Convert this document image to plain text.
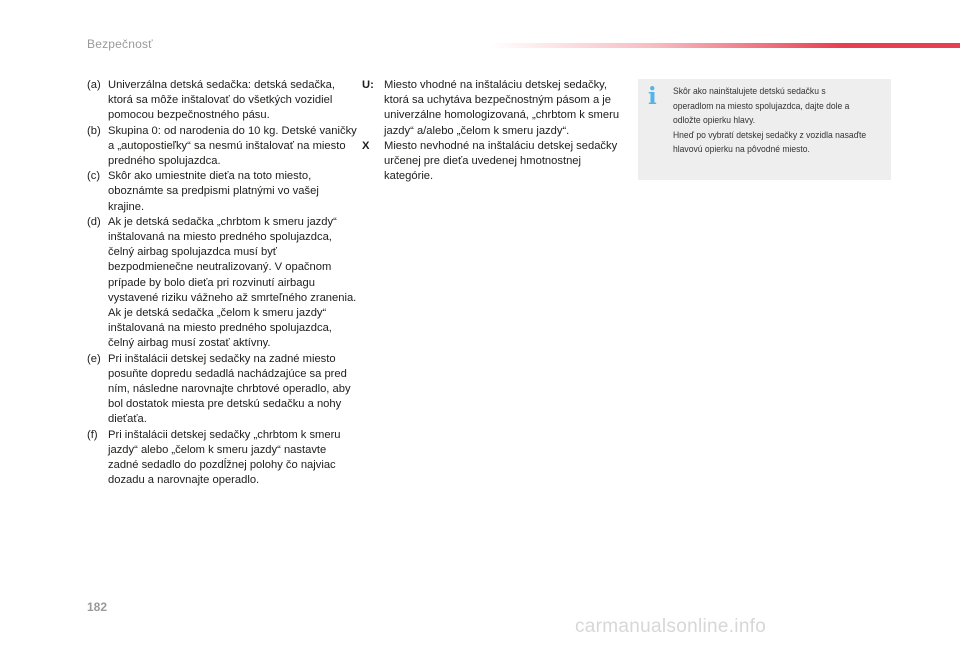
Bezpečnosť
(a) Univerzálna detská sedačka: detská sedačka, ktorá sa môže inštalovať do všetkých vozidiel pomocou bezpečnostného pásu.
(b) Skupina 0: od narodenia do 10 kg. Detské vaničky a „autopostieľky“ sa nesmú inštalovať na miesto predného spolujazdca.
(c) Skôr ako umiestnite dieťa na toto miesto, oboznámte sa predpismi platnými vo vašej krajine.
(d) Ak je detská sedačka „chrbtom k smeru jazdy“ inštalovaná na miesto predného spolujazdca, čelný airbag spolujazdca musí byť bezpodmienečne neutralizovaný. V opačnom prípade by bolo dieťa pri rozvinutí airbagu vystavené riziku vážneho až smrteľného zranenia.
Ak je detská sedačka „čelom k smeru jazdy“ inštalovaná na miesto predného spolujazdca, čelný airbag musí zostať aktívny.
(e) Pri inštalácii detskej sedačky na zadné miesto posuňte dopredu sedadlá nachádzajúce sa pred ním, následne narovnajte chrbtové operadlo, aby bol dostatok miesta pre detskú sedačku a nohy dieťaťa.
(f) Pri inštalácii detskej sedačky „chrbtom k smeru jazdy“ alebo „čelom k smeru jazdy“ nastavte zadné sedadlo do pozdĺžnej polohy čo najviac dozadu a narovnajte operadlo.
U: Miesto vhodné na inštaláciu detskej sedačky, ktorá sa uchytáva bezpečnostným pásom a je univerzálne homologizovaná, „chrbtom k smeru jazdy“ a/alebo „čelom k smeru jazdy“.
X	Miesto nevhodné na inštaláciu detskej sedačky určenej pre dieťa uvedenej hmotnostnej kategórie.
i Skôr ako nainštalujete detskú sedačku s operadlom na miesto spolujazdca, dajte dole a odložte opierku hlavy.

Hneď po vybratí detskej sedačky z vozidla nasaďte hlavovú opierku na pôvodné miesto.

182
carmanualsonline.info
